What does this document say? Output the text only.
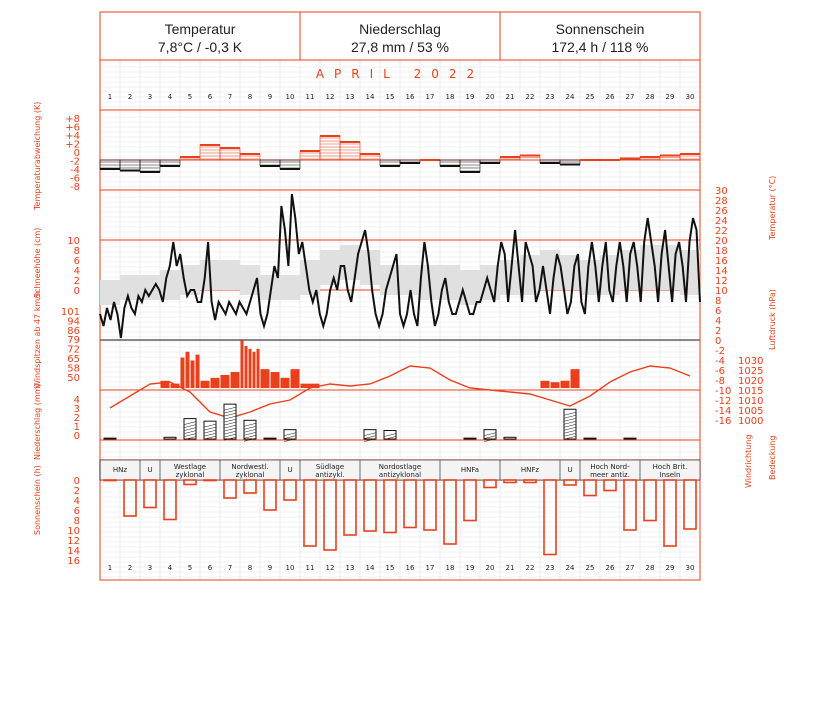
Temperatur
7,8°C / -0,3 K
Niederschlag
27,8 mm / 53 %
Sonnenschein
172,4 h / 118 %
APRIL 2022
1 2 3 4 5 6 7 8 9 10 11 12 13 14 15 16 17 18 19 20 21 22 23 24 25 26 27 28 29 30
1 2 3 4 5 6 7 8 9 10 11 12 13 14 15 16 17 18 19 20 21 22 23 24 25 26 27 28 29 30
Temperaturabweichung (K)
Schneehöhe (cm)
Windspitzen ab 47 km/h
Niederschlag (mm)
Sonnenschein (h)
Temperatur (°C)
Luftdruck (hPa)
Windrichtung Bedeckung
+8
+6
+4
+2
0
-2
-4
-6
-8
10
8
6
4
2
0
101
94
86
79
72
65
58
50
4
3
2
1
0
0
2
4
6
8
10
12
14
16
30
28
26
24
22
20
18
16
14
12
10
8
6
4
2
0
-2
-4
-6
-8
-10
-12
-14
-16
1030
1025
1020
1015
1010
1005
1000
HNz	U	Westlage
zyklonal
Nordwestl.
zyklonal
U	Südlage
antizykl.
Nordostlage
antizyklonal
HNFa	HNFz	U	Hoch Nord-
meer antiz.
Hoch Brit.
Inseln
